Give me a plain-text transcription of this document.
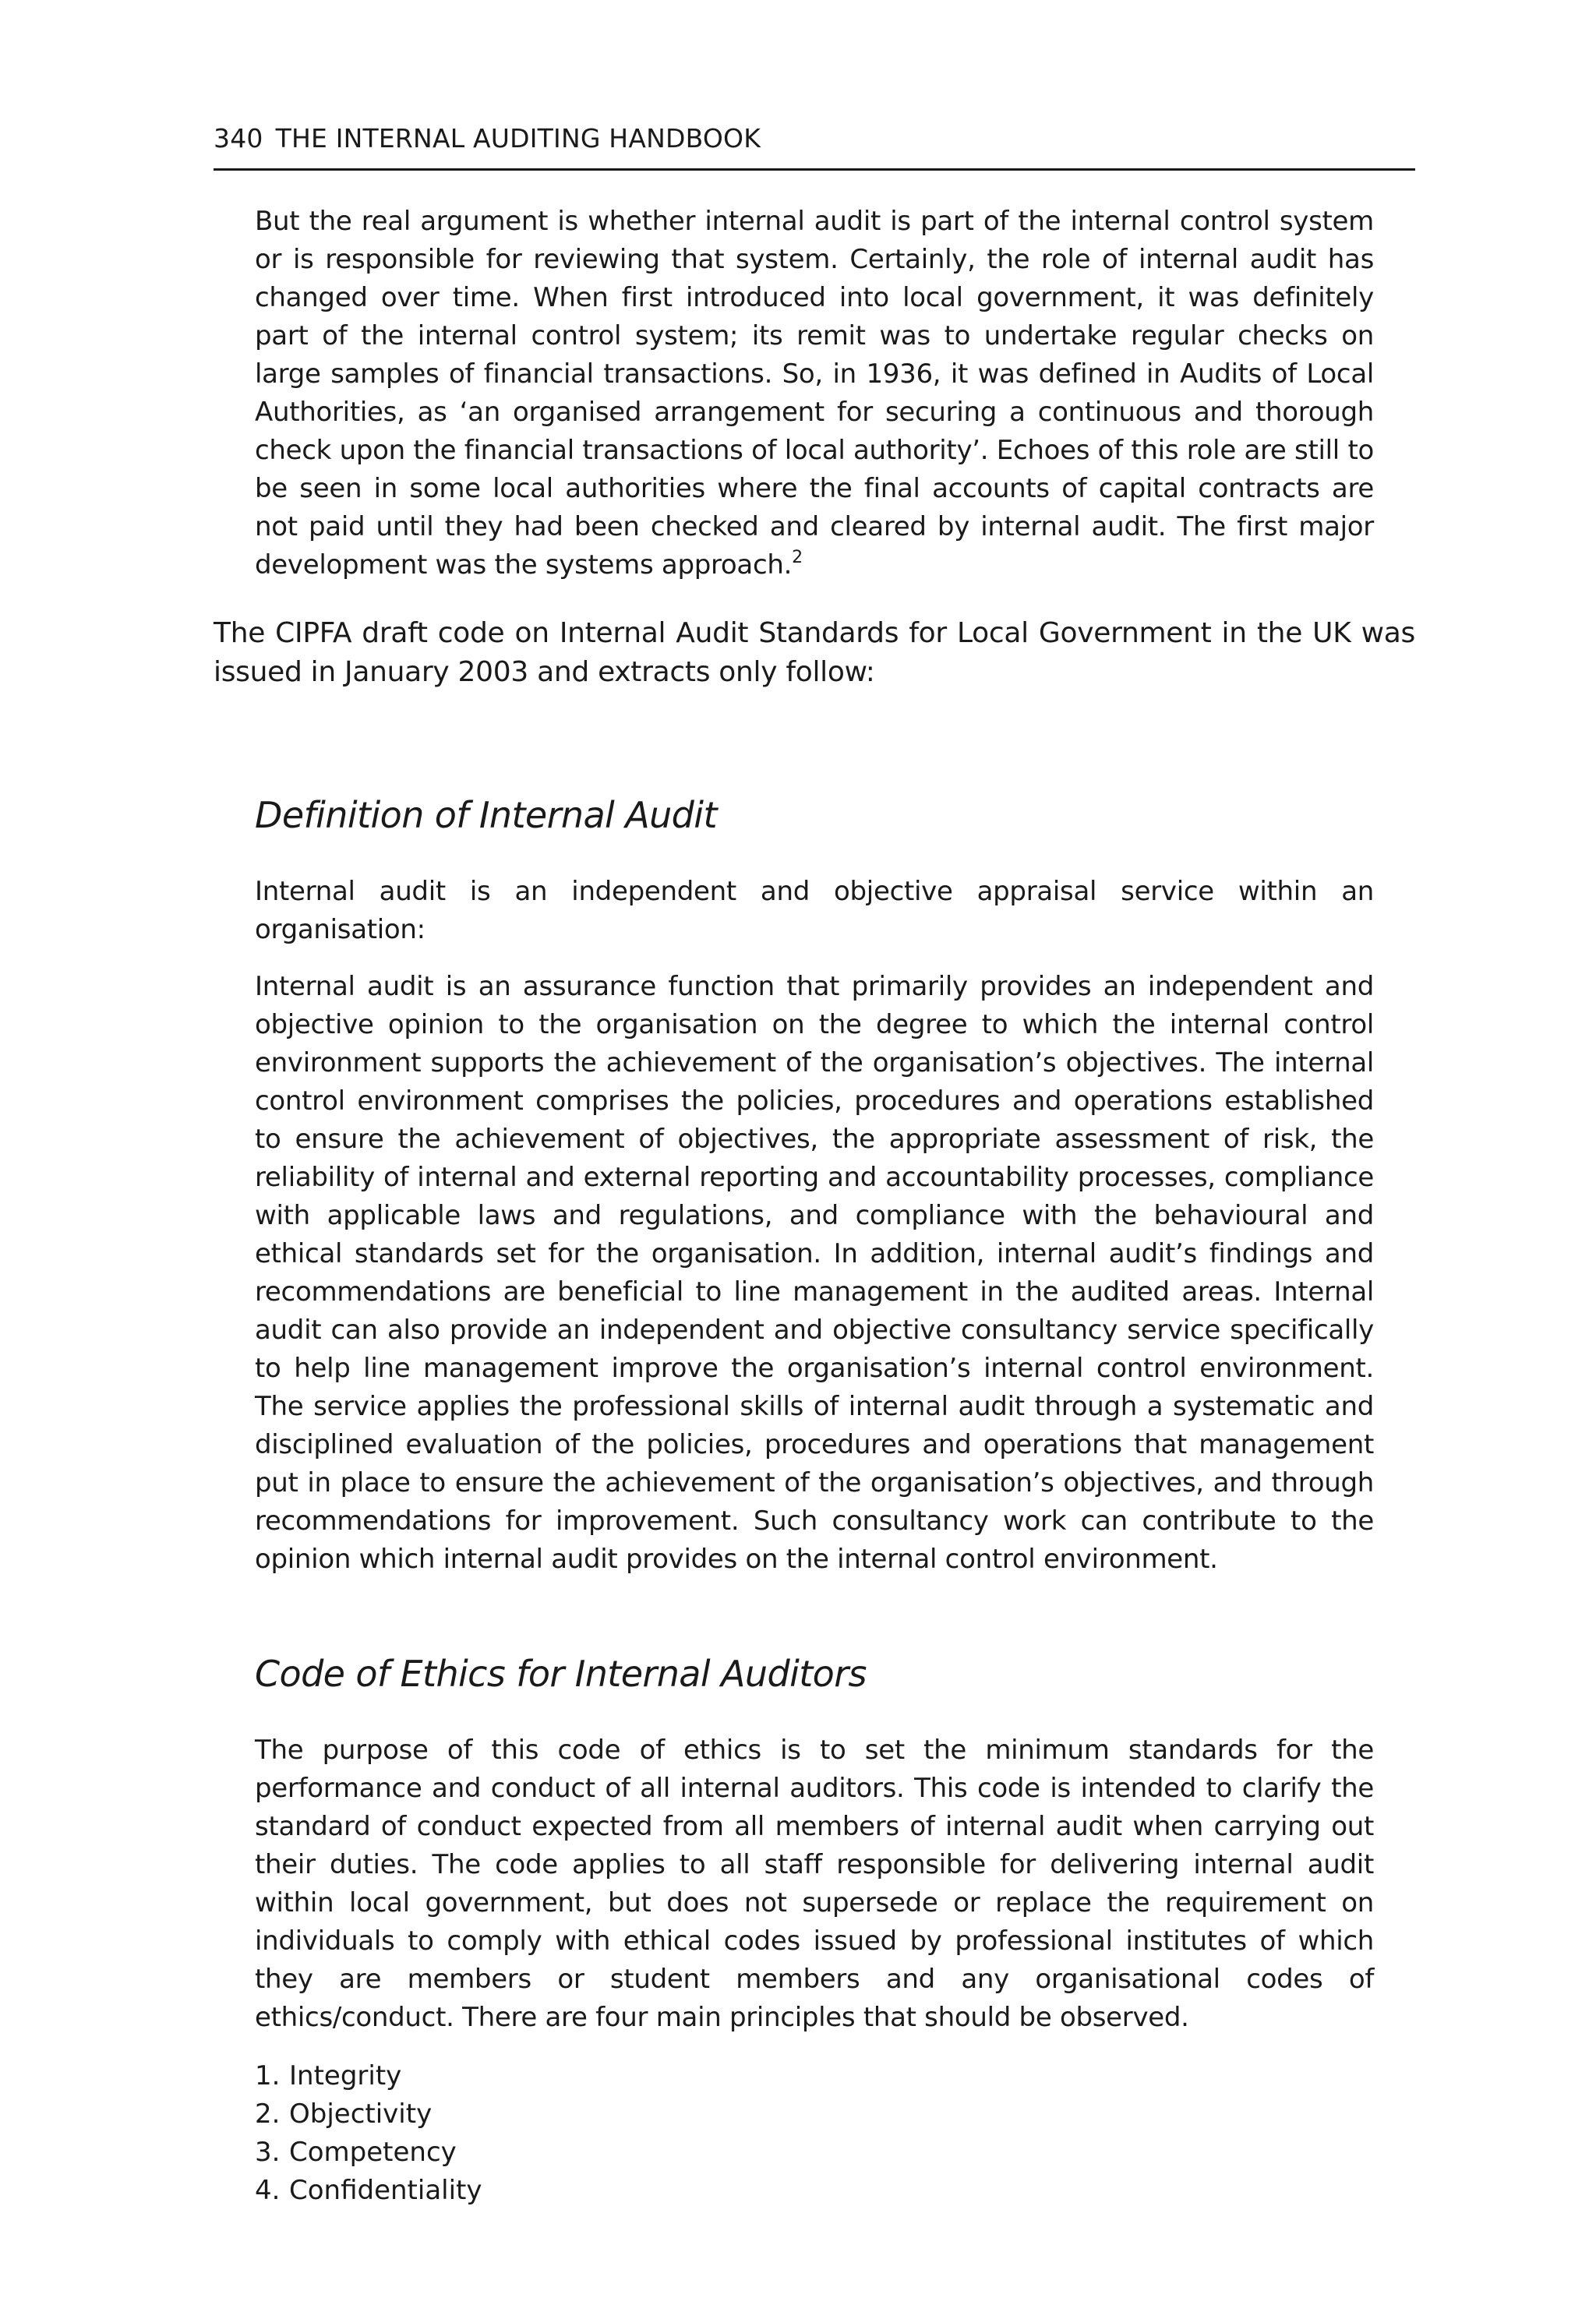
340 THE INTERNAL AUDITING HANDBOOK

But the real argument is whether internal audit is part of the internal control system or is responsible for reviewing that system. Certainly, the role of internal audit has changed over time. When first introduced into local government, it was definitely part of the internal control system; its remit was to undertake regular checks on large samples of financial transactions. So, in 1936, it was defined in Audits of Local Authorities, as ‘an organised arrangement for securing a continuous and thorough check upon the financial transactions of local authority’. Echoes of this role are still to be seen in some local authorities where the final accounts of capital contracts are not paid until they had been checked and cleared by internal audit. The first major development was the systems approach.$^2$

The CIPFA draft code on Internal Audit Standards for Local Government in the UK was issued in January 2003 and extracts only follow:

Definition of Internal Audit

Internal audit is an independent and objective appraisal service within an organisation:

Internal audit is an assurance function that primarily provides an independent and objective opinion to the organisation on the degree to which the internal control environment supports the achievement of the organisation’s objectives. The internal control environment comprises the policies, procedures and operations established to ensure the achievement of objectives, the appropriate assessment of risk, the reliability of internal and external reporting and accountability processes, compliance with applicable laws and regulations, and compliance with the behavioural and ethical standards set for the organisation. In addition, internal audit’s findings and recommendations are beneficial to line management in the audited areas. Internal audit can also provide an independent and objective consultancy service specifically to help line management improve the organisation’s internal control environment. The service applies the professional skills of internal audit through a systematic and disciplined evaluation of the policies, procedures and operations that management put in place to ensure the achievement of the organisation’s objectives, and through recommendations for improvement. Such consultancy work can contribute to the opinion which internal audit provides on the internal control environment.

Code of Ethics for Internal Auditors

The purpose of this code of ethics is to set the minimum standards for the performance and conduct of all internal auditors. This code is intended to clarify the standard of conduct expected from all members of internal audit when carrying out their duties. The code applies to all staff responsible for delivering internal audit within local government, but does not supersede or replace the requirement on individuals to comply with ethical codes issued by professional institutes of which they are members or student members and any organisational codes of ethics/conduct. There are four main principles that should be observed.

1. Integrity
2. Objectivity
3. Competency
4. Confidentiality
